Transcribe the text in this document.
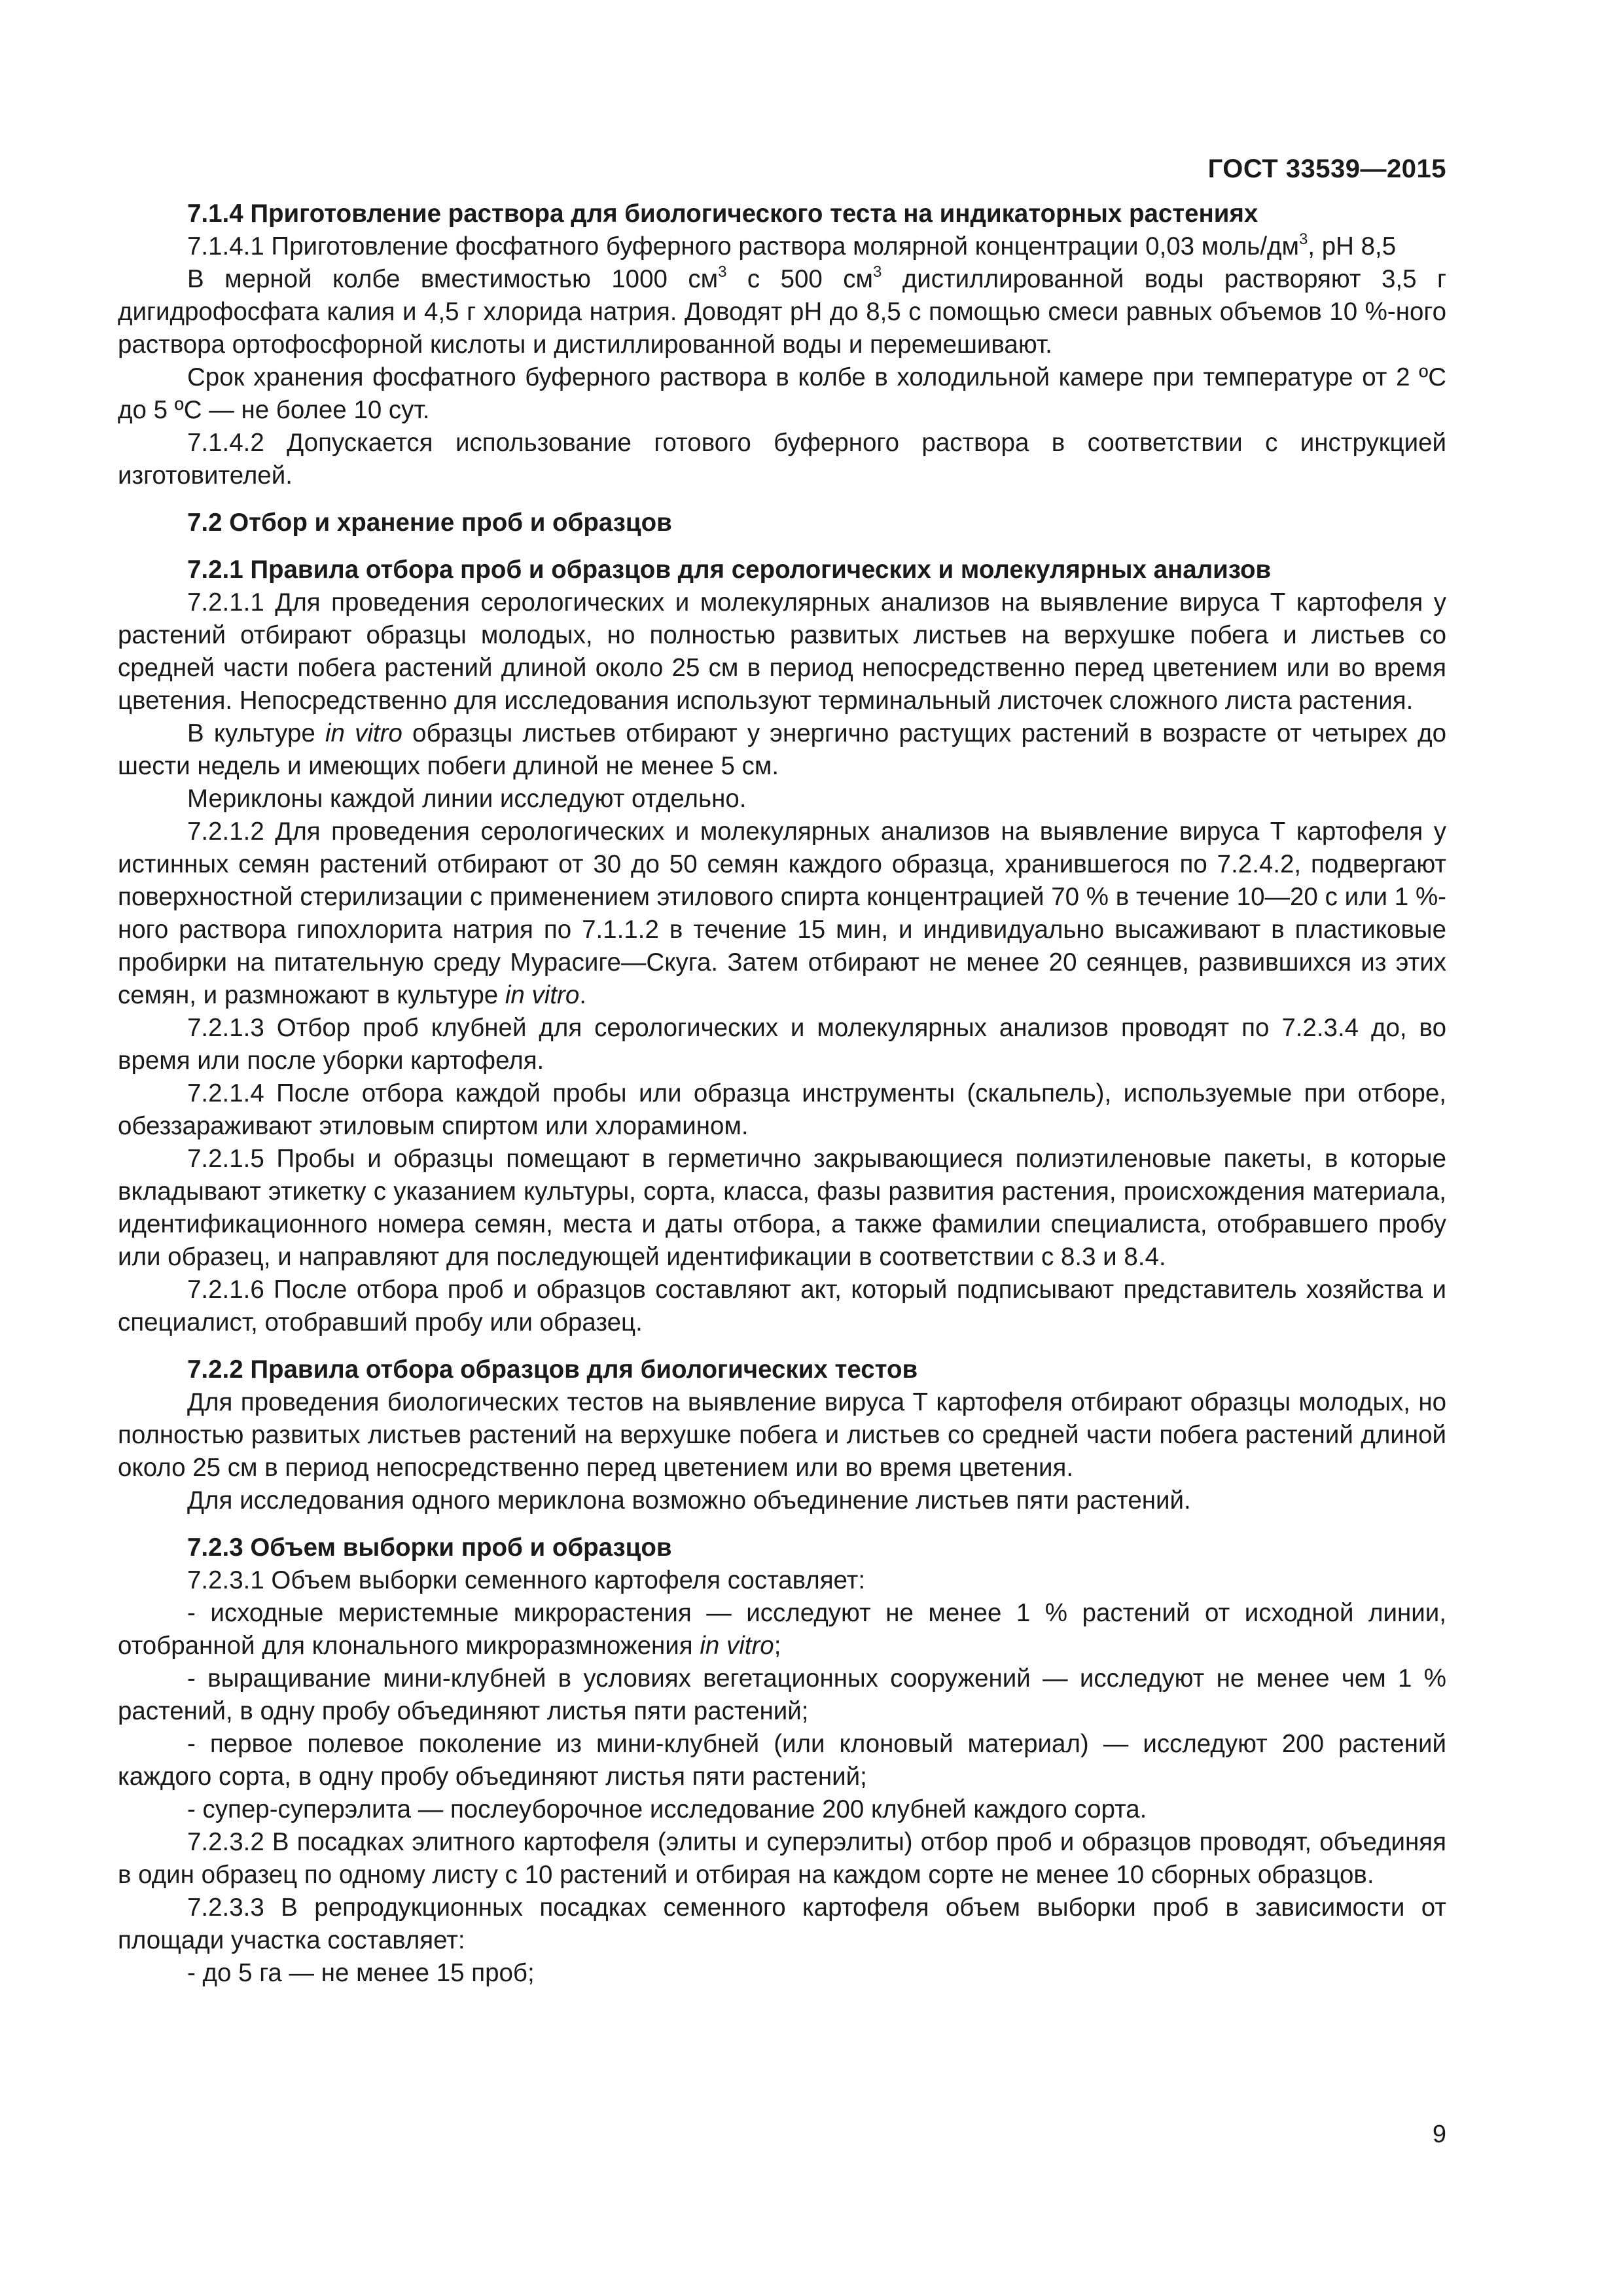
ГОСТ 33539—2015

7.1.4 Приготовление раствора для биологического теста на индикаторных растениях

7.1.4.1 Приготовление фосфатного буферного раствора молярной концентрации 0,03 моль/$дм^3$, pH 8,5

В мерной колбе вместимостью 1000 $см^3$ с 500 $см^3$ дистиллированной воды растворяют 3,5 г дигидрофосфата калия и 4,5 г хлорида натрия. Доводят pH до 8,5 с помощью смеси равных объемов 10 %-ного раствора ортофосфорной кислоты и дистиллированной воды и перемешивают.

Срок хранения фосфатного буферного раствора в колбе в холодильной камере при температуре от 2 ºС до 5 ºС — не более 10 сут.

7.1.4.2 Допускается использование готового буферного раствора в соответствии с инструкцией изготовителей.

7.2 Отбор и хранение проб и образцов

7.2.1 Правила отбора проб и образцов для серологических и молекулярных анализов

7.2.1.1 Для проведения серологических и молекулярных анализов на выявление вируса Т картофеля у растений отбирают образцы молодых, но полностью развитых листьев на верхушке побега и листьев со средней части побега растений длиной около 25 см в период непосредственно перед цветением или во время цветения. Непосредственно для исследования используют терминальный листочек сложного листа растения.

В культуре in vitro образцы листьев отбирают у энергично растущих растений в возрасте от четырех до шести недель и имеющих побеги длиной не менее 5 см.

Мериклоны каждой линии исследуют отдельно.

7.2.1.2 Для проведения серологических и молекулярных анализов на выявление вируса Т картофеля у истинных семян растений отбирают от 30 до 50 семян каждого образца, хранившегося по 7.2.4.2, подвергают поверхностной стерилизации с применением этилового спирта концентрацией 70 % в течение 10—20 с или 1 %-ного раствора гипохлорита натрия по 7.1.1.2 в течение 15 мин, и индивидуально высаживают в пластиковые пробирки на питательную среду Мурасиге—Скуга. Затем отбирают не менее 20 сеянцев, развившихся из этих семян, и размножают в культуре in vitro.

7.2.1.3 Отбор проб клубней для серологических и молекулярных анализов проводят по 7.2.3.4 до, во время или после уборки картофеля.

7.2.1.4 После отбора каждой пробы или образца инструменты (скальпель), используемые при отборе, обеззараживают этиловым спиртом или хлорамином.

7.2.1.5 Пробы и образцы помещают в герметично закрывающиеся полиэтиленовые пакеты, в которые вкладывают этикетку с указанием культуры, сорта, класса, фазы развития растения, происхождения материала, идентификационного номера семян, места и даты отбора, а также фамилии специалиста, отобравшего пробу или образец, и направляют для последующей идентификации в соответствии с 8.3 и 8.4.

7.2.1.6 После отбора проб и образцов составляют акт, который подписывают представитель хозяйства и специалист, отобравший пробу или образец.

7.2.2 Правила отбора образцов для биологических тестов

Для проведения биологических тестов на выявление вируса Т картофеля отбирают образцы молодых, но полностью развитых листьев растений на верхушке побега и листьев со средней части побега растений длиной около 25 см в период непосредственно перед цветением или во время цветения.

Для исследования одного мериклона возможно объединение листьев пяти растений.

7.2.3 Объем выборки проб и образцов

7.2.3.1 Объем выборки семенного картофеля составляет:

- исходные меристемные микрорастения — исследуют не менее 1 % растений от исходной линии, отобранной для клонального микроразмножения in vitro;

- выращивание мини-клубней в условиях вегетационных сооружений — исследуют не менее чем 1 % растений, в одну пробу объединяют листья пяти растений;

- первое полевое поколение из мини-клубней (или клоновый материал) — исследуют 200 растений каждого сорта, в одну пробу объединяют листья пяти растений;

- супер-суперэлита — послеуборочное исследование 200 клубней каждого сорта.

7.2.3.2 В посадках элитного картофеля (элиты и суперэлиты) отбор проб и образцов проводят, объединяя в один образец по одному листу с 10 растений и отбирая на каждом сорте не менее 10 сборных образцов.

7.2.3.3 В репродукционных посадках семенного картофеля объем выборки проб в зависимости от площади участка составляет:

- до 5 га — не менее 15 проб;

9
